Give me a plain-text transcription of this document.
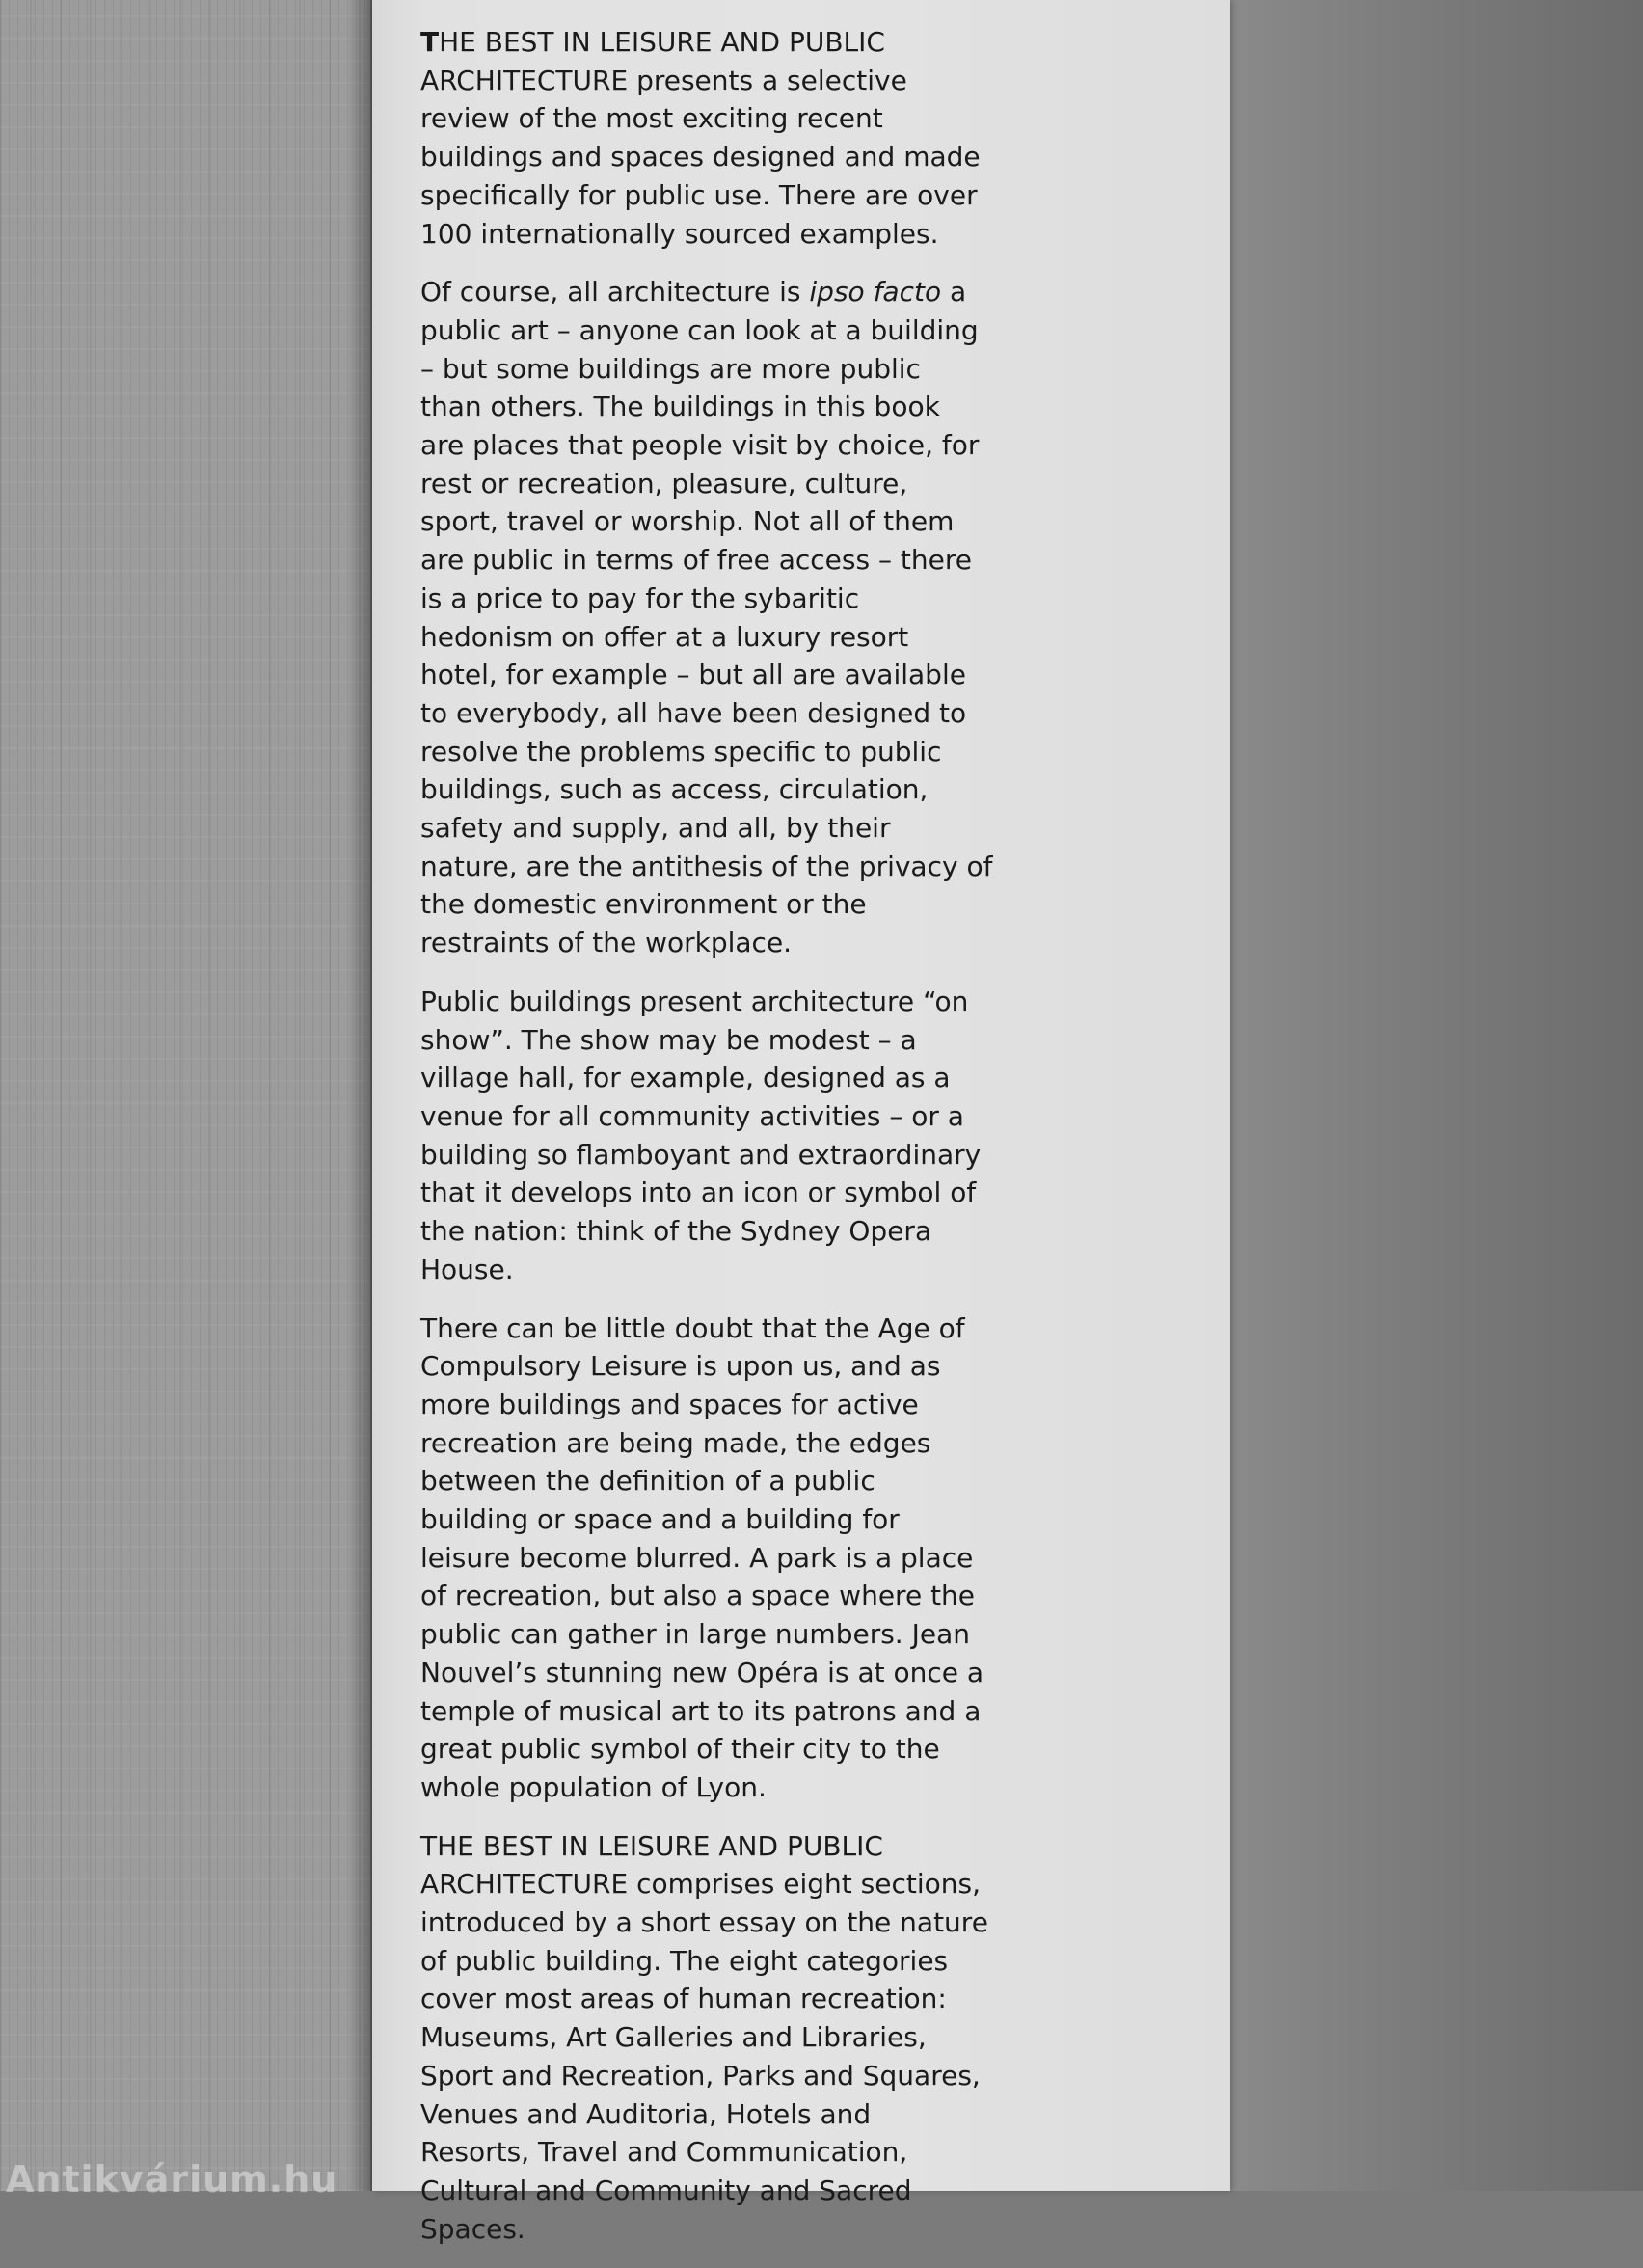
Antikvárium.hu

THE BEST IN LEISURE AND PUBLIC
ARCHITECTURE presents a selective
review of the most exciting recent
buildings and spaces designed and made
specifically for public use. There are over
100 internationally sourced examples.

Of course, all architecture is ipso facto a
public art – anyone can look at a building
– but some buildings are more public
than others. The buildings in this book
are places that people visit by choice, for
rest or recreation, pleasure, culture,
sport, travel or worship. Not all of them
are public in terms of free access – there
is a price to pay for the sybaritic
hedonism on offer at a luxury resort
hotel, for example – but all are available
to everybody, all have been designed to
resolve the problems specific to public
buildings, such as access, circulation,
safety and supply, and all, by their
nature, are the antithesis of the privacy of
the domestic environment or the
restraints of the workplace.

Public buildings present architecture “on
show”. The show may be modest – a
village hall, for example, designed as a
venue for all community activities – or a
building so flamboyant and extraordinary
that it develops into an icon or symbol of
the nation: think of the Sydney Opera House.

There can be little doubt that the Age of
Compulsory Leisure is upon us, and as
more buildings and spaces for active
recreation are being made, the edges
between the definition of a public
building or space and a building for
leisure become blurred. A park is a place
of recreation, but also a space where the
public can gather in large numbers. Jean
Nouvel’s stunning new Opéra is at once a
temple of musical art to its patrons and a
great public symbol of their city to the
whole population of Lyon.

THE BEST IN LEISURE AND PUBLIC
ARCHITECTURE comprises eight sections,
introduced by a short essay on the nature
of public building. The eight categories
cover most areas of human recreation:
Museums, Art Galleries and Libraries,
Sport and Recreation, Parks and Squares,
Venues and Auditoria, Hotels and
Resorts, Travel and Communication,
Cultural and Community and Sacred Spaces.
